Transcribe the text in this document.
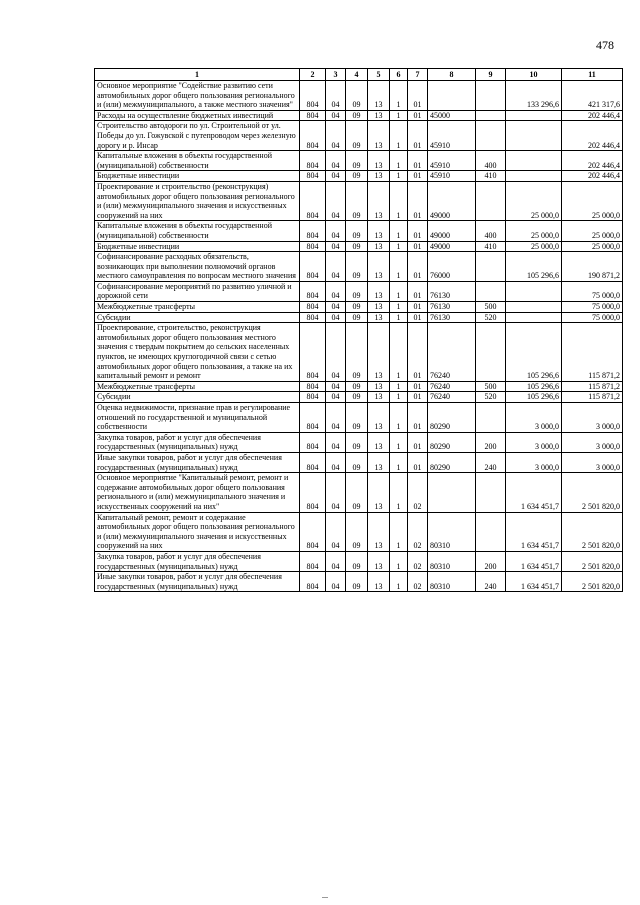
478
1	2	3	4	5	6	7	8	9	10	11
Основное мероприятие "Содействие развитию сети автомобильных дорог общего пользования регионального и (или) межмуниципального, а также местного значения"	804	04	09	13	1	01			133 296,6	421 317,6
Расходы на осуществление бюджетных инвестиций	804	04	09	13	1	01	45000			202 446,4
Строительство автодороги по ул. Строительной от ул. Победы до ул. Гожувской с путепроводом через железную дорогу и р. Инсар	804	04	09	13	1	01	45910			202 446,4
Капитальные вложения в объекты государственной (муниципальной) собственности	804	04	09	13	1	01	45910	400		202 446,4
Бюджетные инвестиции	804	04	09	13	1	01	45910	410		202 446,4
Проектирование и строительство (реконструкция) автомобильных дорог общего пользования регионального и (или) межмуниципального значения и искусственных сооружений на них	804	04	09	13	1	01	49000		25 000,0	25 000,0
Капитальные вложения в объекты государственной (муниципальной) собственности	804	04	09	13	1	01	49000	400	25 000,0	25 000,0
Бюджетные инвестиции	804	04	09	13	1	01	49000	410	25 000,0	25 000,0
Софинансирование расходных обязательств, возникающих при выполнении полномочий органов местного самоуправления по вопросам местного значения	804	04	09	13	1	01	76000		105 296,6	190 871,2
Софинансирование мероприятий по развитию уличной и дорожной сети	804	04	09	13	1	01	76130			75 000,0
Межбюджетные трансферты	804	04	09	13	1	01	76130	500		75 000,0
Субсидии	804	04	09	13	1	01	76130	520		75 000,0
Проектирование, строительство, реконструкция автомобильных дорог общего пользования местного значения с твердым покрытием до сельских населенных пунктов, не имеющих круглогодичной связи с сетью автомобильных дорог общего пользования, а также на их капитальный ремонт и ремонт	804	04	09	13	1	01	76240		105 296,6	115 871,2
Межбюджетные трансферты	804	04	09	13	1	01	76240	500	105 296,6	115 871,2
Субсидии	804	04	09	13	1	01	76240	520	105 296,6	115 871,2
Оценка недвижимости, признание прав и регулирование отношений по государственной и муниципальной собственности	804	04	09	13	1	01	80290		3 000,0	3 000,0
Закупка товаров, работ и услуг для обеспечения государственных (муниципальных) нужд	804	04	09	13	1	01	80290	200	3 000,0	3 000,0
Иные закупки товаров, работ и услуг для обеспечения государственных (муниципальных) нужд	804	04	09	13	1	01	80290	240	3 000,0	3 000,0
Основное мероприятие "Капитальный ремонт, ремонт и содержание автомобильных дорог общего пользования регионального и (или) межмуниципального значения и искусственных сооружений на них"	804	04	09	13	1	02			1 634 451,7	2 501 820,0
Капитальный ремонт, ремонт и содержание автомобильных дорог общего пользования регионального и (или) межмуниципального значения и искусственных сооружений на них	804	04	09	13	1	02	80310		1 634 451,7	2 501 820,0
Закупка товаров, работ и услуг для обеспечения государственных (муниципальных) нужд	804	04	09	13	1	02	80310	200	1 634 451,7	2 501 820,0
Иные закупки товаров, работ и услуг для обеспечения государственных (муниципальных) нужд	804	04	09	13	1	02	80310	240	1 634 451,7	2 501 820,0
